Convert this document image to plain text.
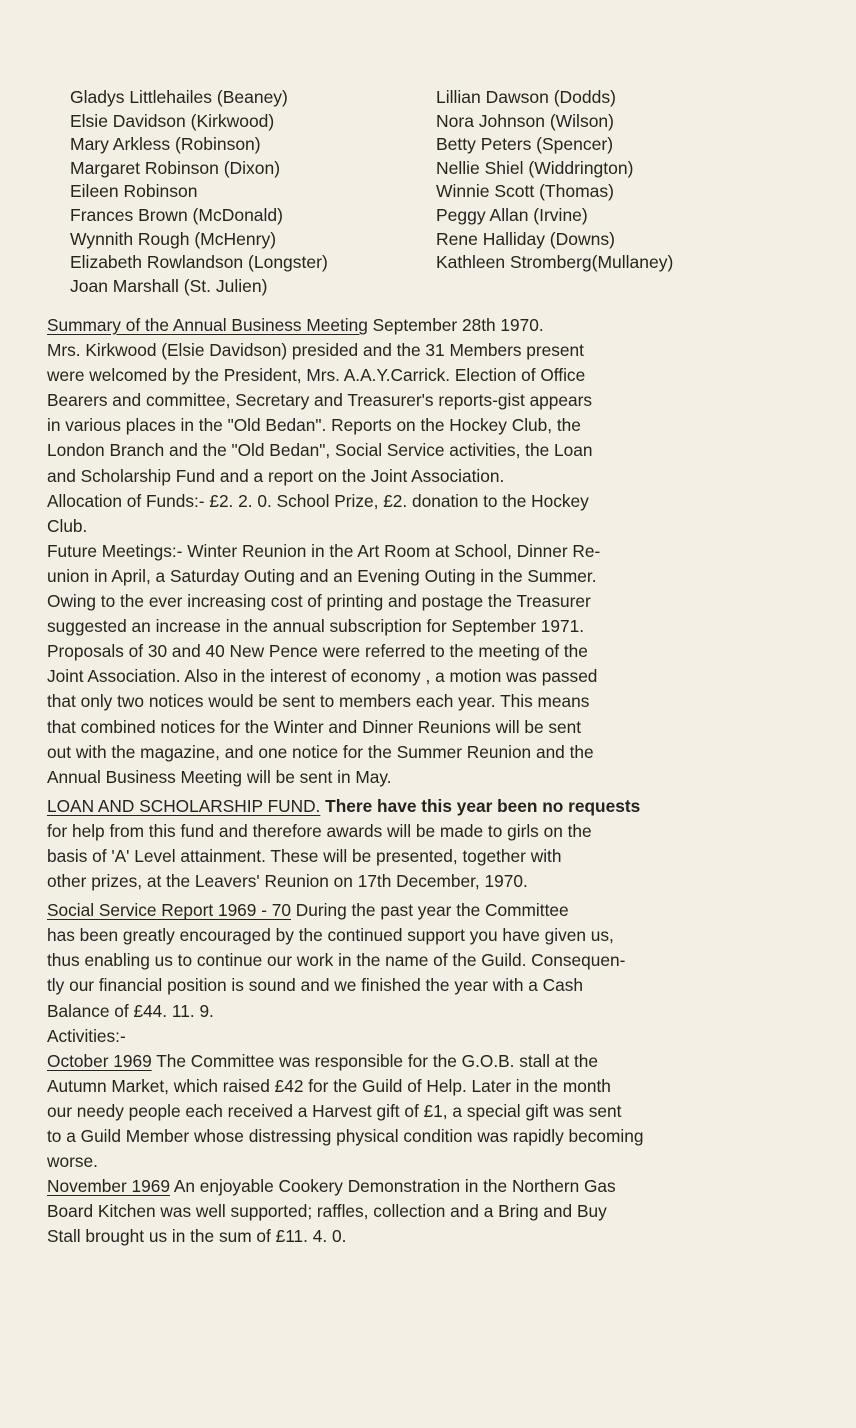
Gladys Littlehailes (Beaney)
Elsie Davidson (Kirkwood)
Mary Arkless (Robinson)
Margaret Robinson (Dixon)
Eileen Robinson
Frances Brown (McDonald)
Wynnith Rough (McHenry)
Elizabeth Rowlandson (Longster)
Joan Marshall (St. Julien)
Lillian Dawson (Dodds)
Nora Johnson (Wilson)
Betty Peters (Spencer)
Nellie Shiel (Widdrington)
Winnie Scott (Thomas)
Peggy Allan (Irvine)
Rene Halliday (Downs)
Kathleen Stromberg(Mullaney)

Summary of the Annual Business Meeting September 28th 1970.

Mrs. Kirkwood (Elsie Davidson) presided and the 31 Members present

were welcomed by the President, Mrs. A.A.Y.Carrick. Election of Office

Bearers and committee, Secretary and Treasurer's reports-gist appears

in various places in the "Old Bedan". Reports on the Hockey Club, the

London Branch and the "Old Bedan", Social Service activities, the Loan

and Scholarship Fund and a report on the Joint Association.

Allocation of Funds:- £2. 2. 0. School Prize, £2. donation to the Hockey

Club.

Future Meetings:- Winter Reunion in the Art Room at School, Dinner Re-

union in April, a Saturday Outing and an Evening Outing in the Summer.

Owing to the ever increasing cost of printing and postage the Treasurer

suggested an increase in the annual subscription for September 1971.

Proposals of 30 and 40 New Pence were referred to the meeting of the

Joint Association. Also in the interest of economy , a motion was passed

that only two notices would be sent to members each year. This means

that combined notices for the Winter and Dinner Reunions will be sent

out with the magazine, and one notice for the Summer Reunion and the

Annual Business Meeting will be sent in May.

LOAN AND SCHOLARSHIP FUND. There have this year been no requests

for help from this fund and therefore awards will be made to girls on the

basis of 'A' Level attainment. These will be presented, together with

other prizes, at the Leavers' Reunion on 17th December, 1970.

Social Service Report 1969 - 70 During the past year the Committee

has been greatly encouraged by the continued support you have given us,

thus enabling us to continue our work in the name of the Guild. Consequen-

tly our financial position is sound and we finished the year with a Cash

Balance of £44. 11. 9.

Activities:-

October 1969 The Committee was responsible for the G.O.B. stall at the

Autumn Market, which raised £42 for the Guild of Help. Later in the month

our needy people each received a Harvest gift of £1, a special gift was sent

to a Guild Member whose distressing physical condition was rapidly becoming

worse.

November 1969 An enjoyable Cookery Demonstration in the Northern Gas

Board Kitchen was well supported; raffles, collection and a Bring and Buy

Stall brought us in the sum of £11. 4. 0.
